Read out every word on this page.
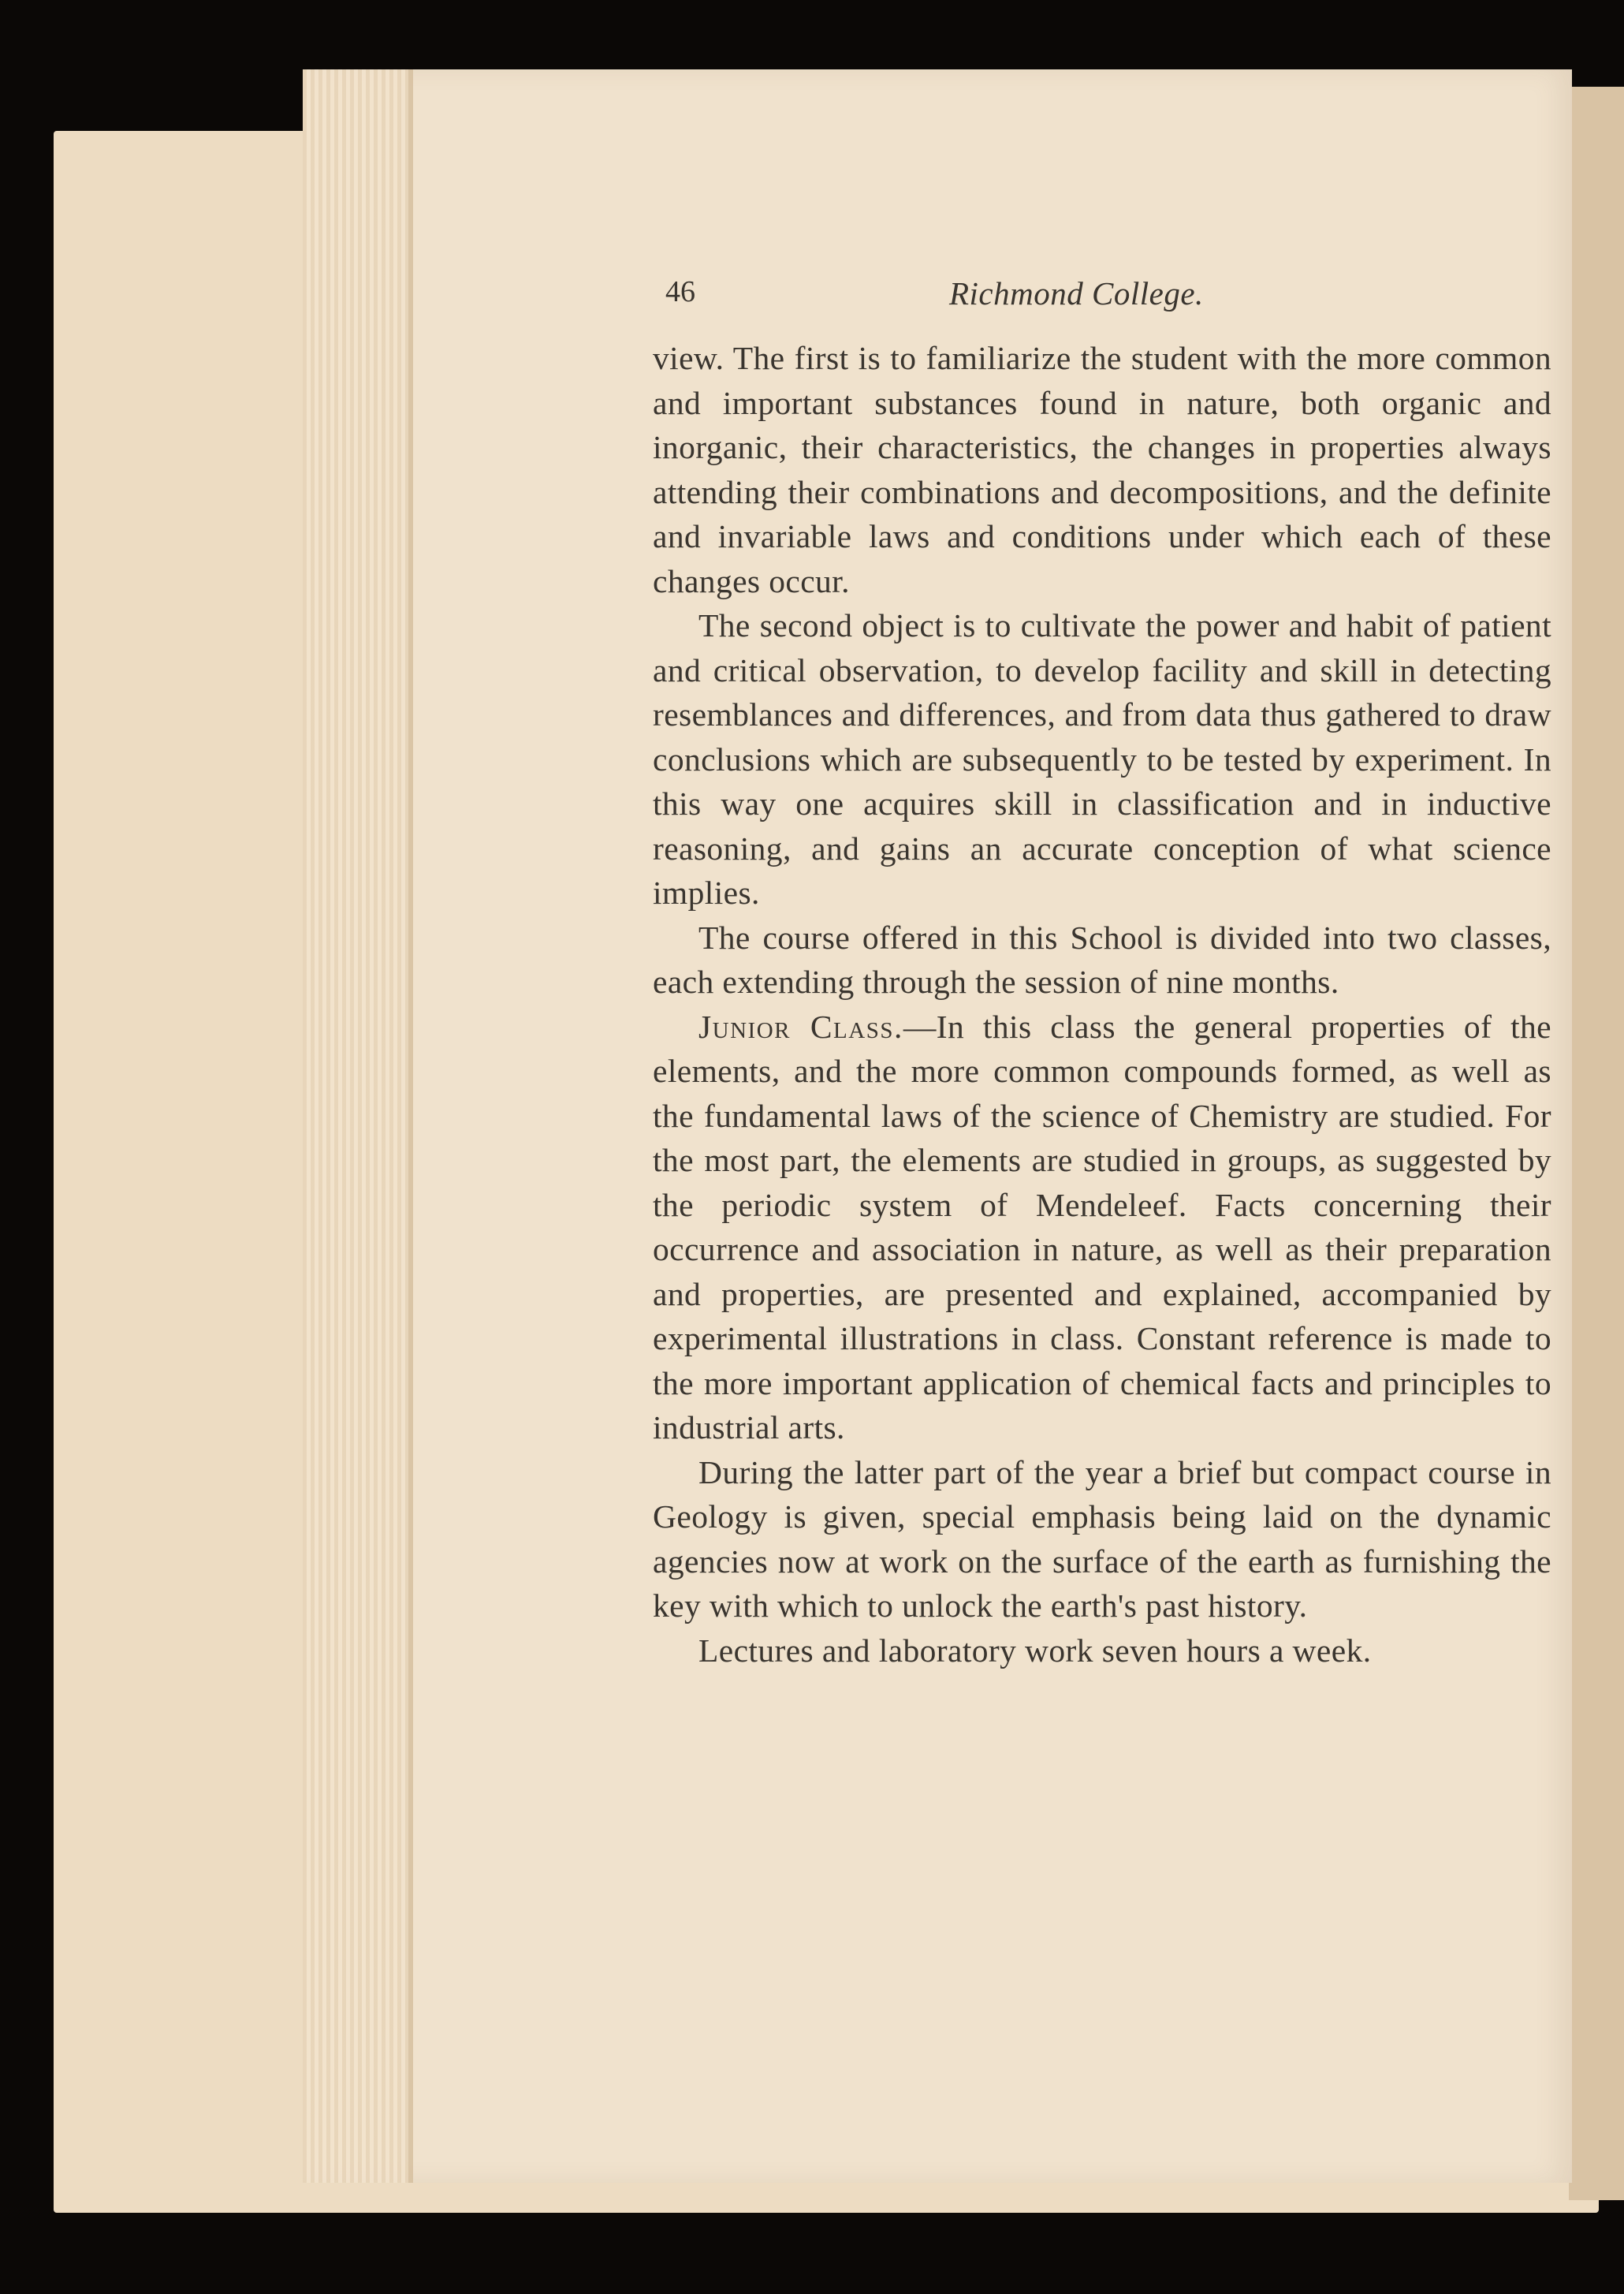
46	Richmond College.

view. The first is to familiarize the student with the more common and important substances found in nature, both organic and inorganic, their characteristics, the changes in properties always attending their combinations and decompositions, and the definite and invariable laws and conditions under which each of these changes occur.

The second object is to cultivate the power and habit of patient and critical observation, to develop facility and skill in detecting resemblances and differences, and from data thus gathered to draw conclusions which are subsequently to be tested by experiment. In this way one acquires skill in classification and in inductive reasoning, and gains an accurate conception of what science implies.

The course offered in this School is divided into two classes, each extending through the session of nine months.

Junior Class.—In this class the general properties of the elements, and the more common compounds formed, as well as the fundamental laws of the science of Chemistry are studied. For the most part, the elements are studied in groups, as suggested by the periodic system of Mendeleef. Facts concerning their occurrence and association in nature, as well as their preparation and properties, are presented and explained, accompanied by experimental illustrations in class. Constant reference is made to the more important application of chemical facts and principles to industrial arts.

During the latter part of the year a brief but compact course in Geology is given, special emphasis being laid on the dynamic agencies now at work on the surface of the earth as furnishing the key with which to unlock the earth's past history.

Lectures and laboratory work seven hours a week.
